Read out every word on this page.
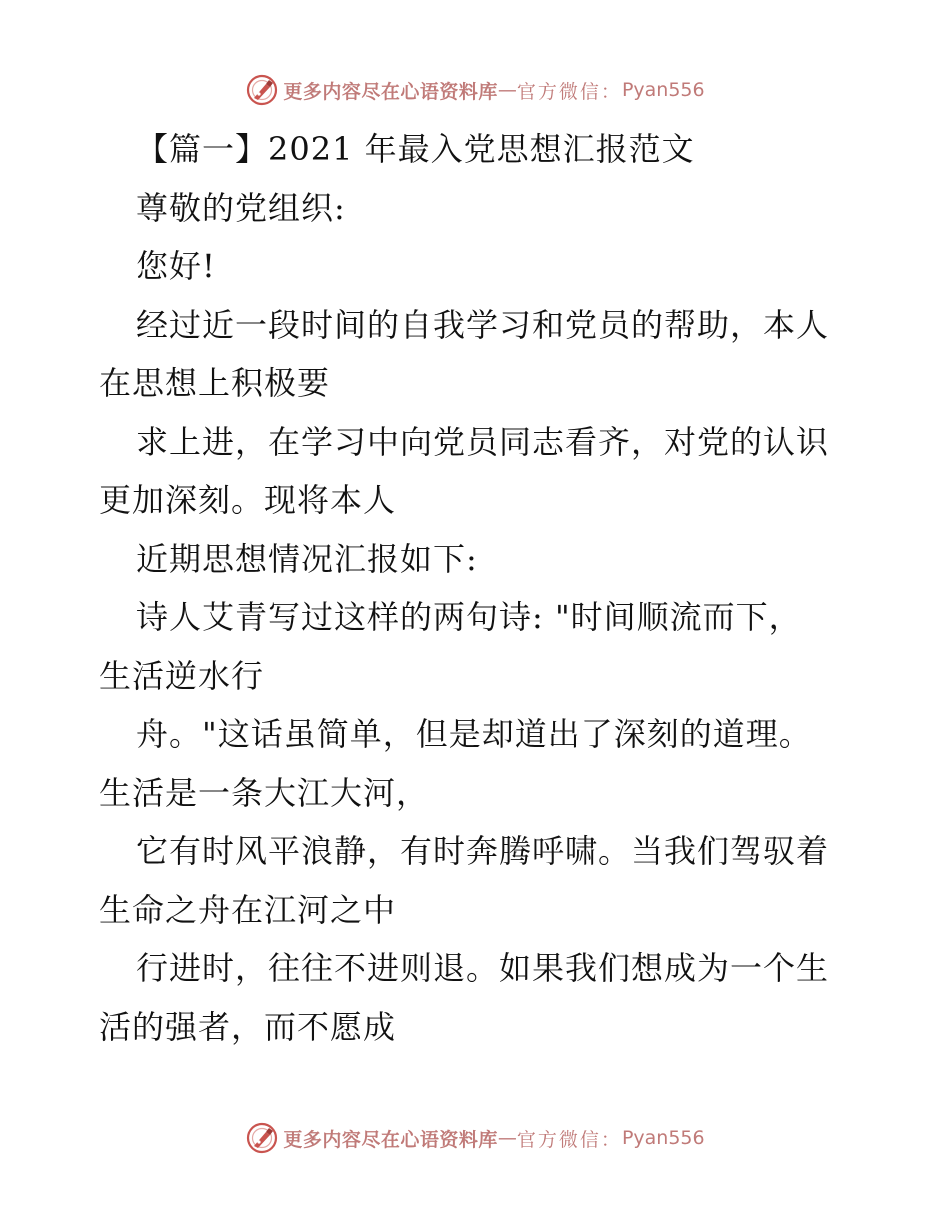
更多内容尽在心语资料库 — 官方微信： Pyan556
【篇一】2021 年最入党思想汇报范文
尊敬的党组织:
您好!
经过近一段时间的自我学习和党员的帮助，本人
在思想上积极要
求上进，在学习中向党员同志看齐，对党的认识
更加深刻。现将本人
近期思想情况汇报如下:
诗人艾青写过这样的两句诗: "时间顺流而下，
生活逆水行
舟。"这话虽简单，但是却道出了深刻的道理。
生活是一条大江大河，
它有时风平浪静，有时奔腾呼啸。当我们驾驭着
生命之舟在江河之中
行进时，往往不进则退。如果我们想成为一个生
活的强者，而不愿成
更多内容尽在心语资料库 — 官方微信： Pyan556
